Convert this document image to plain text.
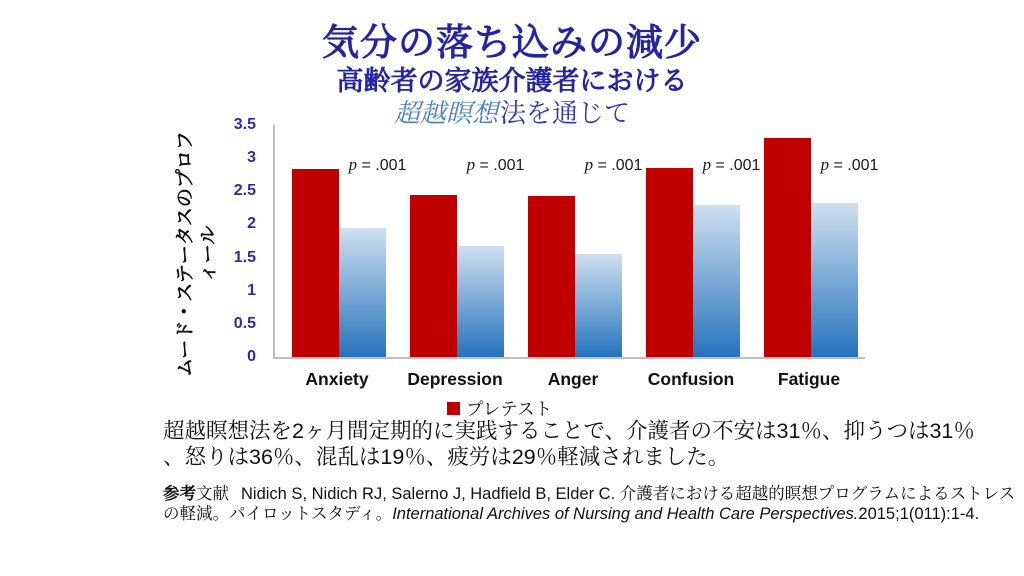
気分の落ち込みの減少
高齢者の家族介護者における
超越瞑想法を通じて
ムード・ステータスのプロフ ィール
3.5
3
2.5
2
1.5
1
0.5
0
p = .001	p = .001	p = .001	p = .001	p = .001
Anxiety Depression	Anger	Confusion Fatigue
プレテスト
超越瞑想法を2ヶ月間定期的に実践することで、介護者の不安は31％、抑うつは31％
、怒りは36％、混乱は19％、疲労は29％軽減されました。
参考文献 Nidich S, Nidich RJ, Salerno J, Hadfield B, Elder C. 介護者における超越的瞑想プログラムによるストレスの軽減。パイロットスタディ。International Archives of Nursing and Health Care Perspectives.2015;1(011):1-4.
